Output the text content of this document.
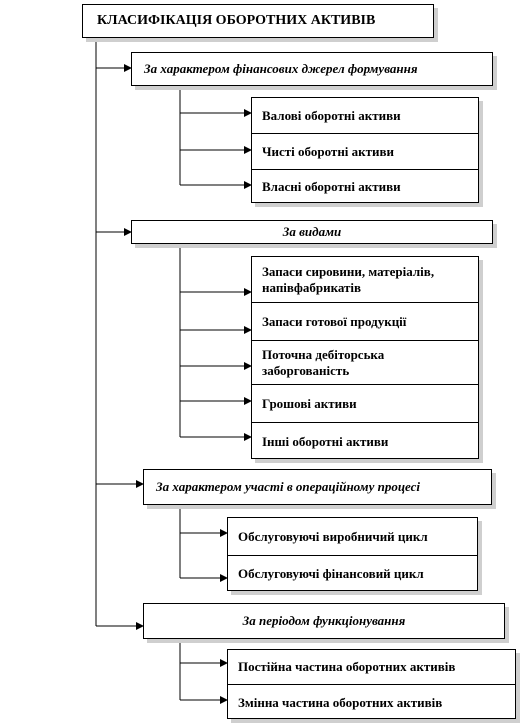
КЛАСИФІКАЦІЯ ОБОРОТНИХ АКТИВІВ
За характером фінансових джерел формування
Валові оборотні активи
Чисті оборотні активи
Власні оборотні активи
За видами
Запаси сировини, матеріалів, напівфабрикатів
Запаси готової продукції
Поточна дебіторська заборгованість
Грошові активи
Інші оборотні активи
За характером участі в операційному процесі
Обслуговуючі виробничий цикл
Обслуговуючі фінансовий цикл
За періодом функціонування
Постійна частина оборотних активів
Змінна частина оборотних активів
